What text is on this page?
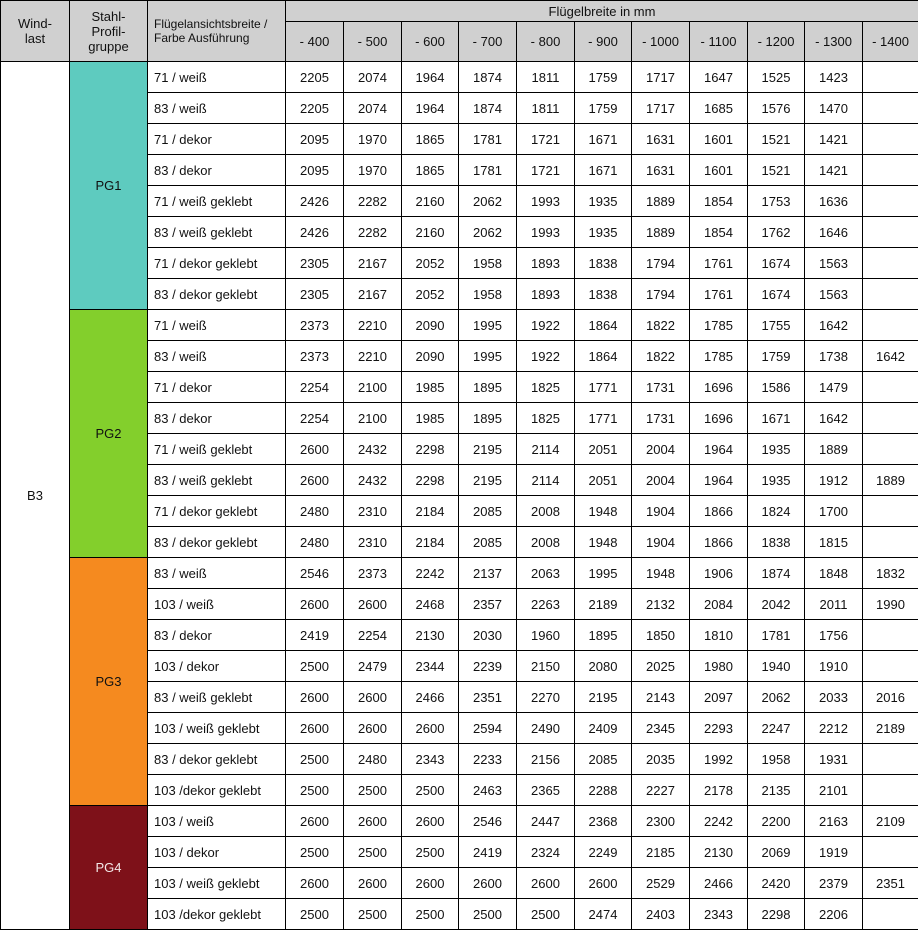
Wind-
last	Stahl-
Profil-
gruppe	Flügelansichtsbreite /
Farbe Ausführung	Flügelbreite in mm										
			- 400	- 500	- 600	- 700	- 800	- 900	- 1000	- 1100	- 1200	- 1300	- 1400
B3	PG1	71 / weiß	2205	2074	1964	1874	1811	1759	1717	1647	1525	1423	
		83 / weiß	2205	2074	1964	1874	1811	1759	1717	1685	1576	1470	
		71 / dekor	2095	1970	1865	1781	1721	1671	1631	1601	1521	1421	
		83 / dekor	2095	1970	1865	1781	1721	1671	1631	1601	1521	1421	
		71 / weiß geklebt	2426	2282	2160	2062	1993	1935	1889	1854	1753	1636	
		83 / weiß geklebt	2426	2282	2160	2062	1993	1935	1889	1854	1762	1646	
		71 / dekor geklebt	2305	2167	2052	1958	1893	1838	1794	1761	1674	1563	
		83 / dekor geklebt	2305	2167	2052	1958	1893	1838	1794	1761	1674	1563	
	PG2	71 / weiß	2373	2210	2090	1995	1922	1864	1822	1785	1755	1642	
		83 / weiß	2373	2210	2090	1995	1922	1864	1822	1785	1759	1738	1642
		71 / dekor	2254	2100	1985	1895	1825	1771	1731	1696	1586	1479	
		83 / dekor	2254	2100	1985	1895	1825	1771	1731	1696	1671	1642	
		71 / weiß geklebt	2600	2432	2298	2195	2114	2051	2004	1964	1935	1889	
		83 / weiß geklebt	2600	2432	2298	2195	2114	2051	2004	1964	1935	1912	1889
		71 / dekor geklebt	2480	2310	2184	2085	2008	1948	1904	1866	1824	1700	
		83 / dekor geklebt	2480	2310	2184	2085	2008	1948	1904	1866	1838	1815	
	PG3	83 / weiß	2546	2373	2242	2137	2063	1995	1948	1906	1874	1848	1832
		103 / weiß	2600	2600	2468	2357	2263	2189	2132	2084	2042	2011	1990
		83 / dekor	2419	2254	2130	2030	1960	1895	1850	1810	1781	1756	
		103 / dekor	2500	2479	2344	2239	2150	2080	2025	1980	1940	1910	
		83 / weiß geklebt	2600	2600	2466	2351	2270	2195	2143	2097	2062	2033	2016
		103 / weiß geklebt	2600	2600	2600	2594	2490	2409	2345	2293	2247	2212	2189
		83 / dekor geklebt	2500	2480	2343	2233	2156	2085	2035	1992	1958	1931	
		103 /dekor geklebt	2500	2500	2500	2463	2365	2288	2227	2178	2135	2101	
	PG4	103 / weiß	2600	2600	2600	2546	2447	2368	2300	2242	2200	2163	2109
		103 / dekor	2500	2500	2500	2419	2324	2249	2185	2130	2069	1919	
		103 / weiß geklebt	2600	2600	2600	2600	2600	2600	2529	2466	2420	2379	2351
		103 /dekor geklebt	2500	2500	2500	2500	2500	2474	2403	2343	2298	2206	
